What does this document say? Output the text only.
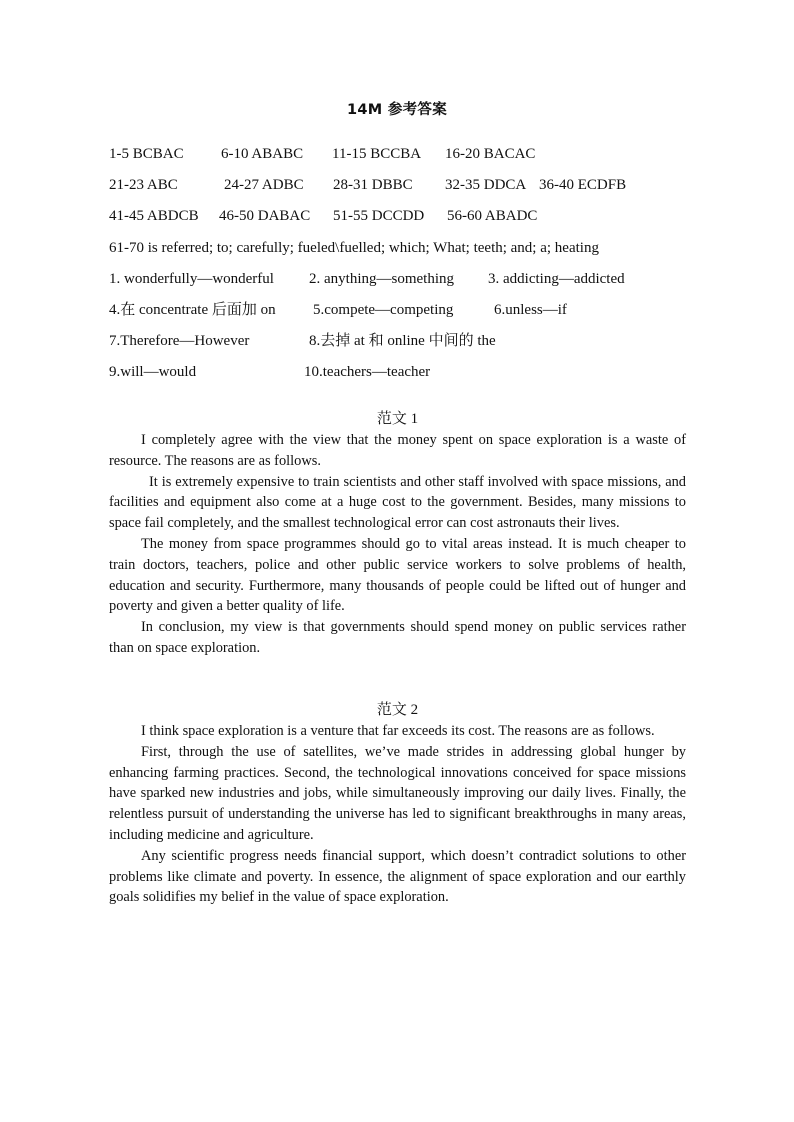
14M 参考答案
1-5 BCBAC 6-10 ABABC 11-15 BCCBA 16-20 BACAC
21-23 ABC	24-27 ADBC 28-31 DBBC 32-35 DDCA 36-40 ECDFB
41-45 ABDCB 46-50 DABAC 51-55 DCCDD 56-60 ABADC
61-70 is referred; to; carefully; fueled\fuelled; which; What; teeth; and; a; heating
1. wonderfully—wonderful 2. anything—something 3. addicting—addicted
4.在 concentrate 后面加 on 5.compete—competing	6.unless—if
7.Therefore—However	8.去掉 at 和 online 中间的 the
9.will—would	10.teachers—teacher
范文 1

I completely agree with the view that the money spent on space exploration is a waste of resource. The reasons are as follows.

It is extremely expensive to train scientists and other staff involved with space missions, and facilities and equipment also come at a huge cost to the government. Besides, many missions to space fail completely, and the smallest technological error can cost astronauts their lives.

The money from space programmes should go to vital areas instead. It is much cheaper to train doctors, teachers, police and other public service workers to solve problems of health, education and security. Furthermore, many thousands of people could be lifted out of hunger and poverty and given a better quality of life.

In conclusion, my view is that governments should spend money on public services rather than on space exploration.

范文 2

I think space exploration is a venture that far exceeds its cost. The reasons are as follows.

First, through the use of satellites, we’ve made strides in addressing global hunger by enhancing farming practices. Second, the technological innovations conceived for space missions have sparked new industries and jobs, while simultaneously improving our daily lives. Finally, the relentless pursuit of understanding the universe has led to significant breakthroughs in many areas, including medicine and agriculture.

Any scientific progress needs financial support, which doesn’t contradict solutions to other problems like climate and poverty. In essence, the alignment of space exploration and our earthly goals solidifies my belief in the value of space exploration.
